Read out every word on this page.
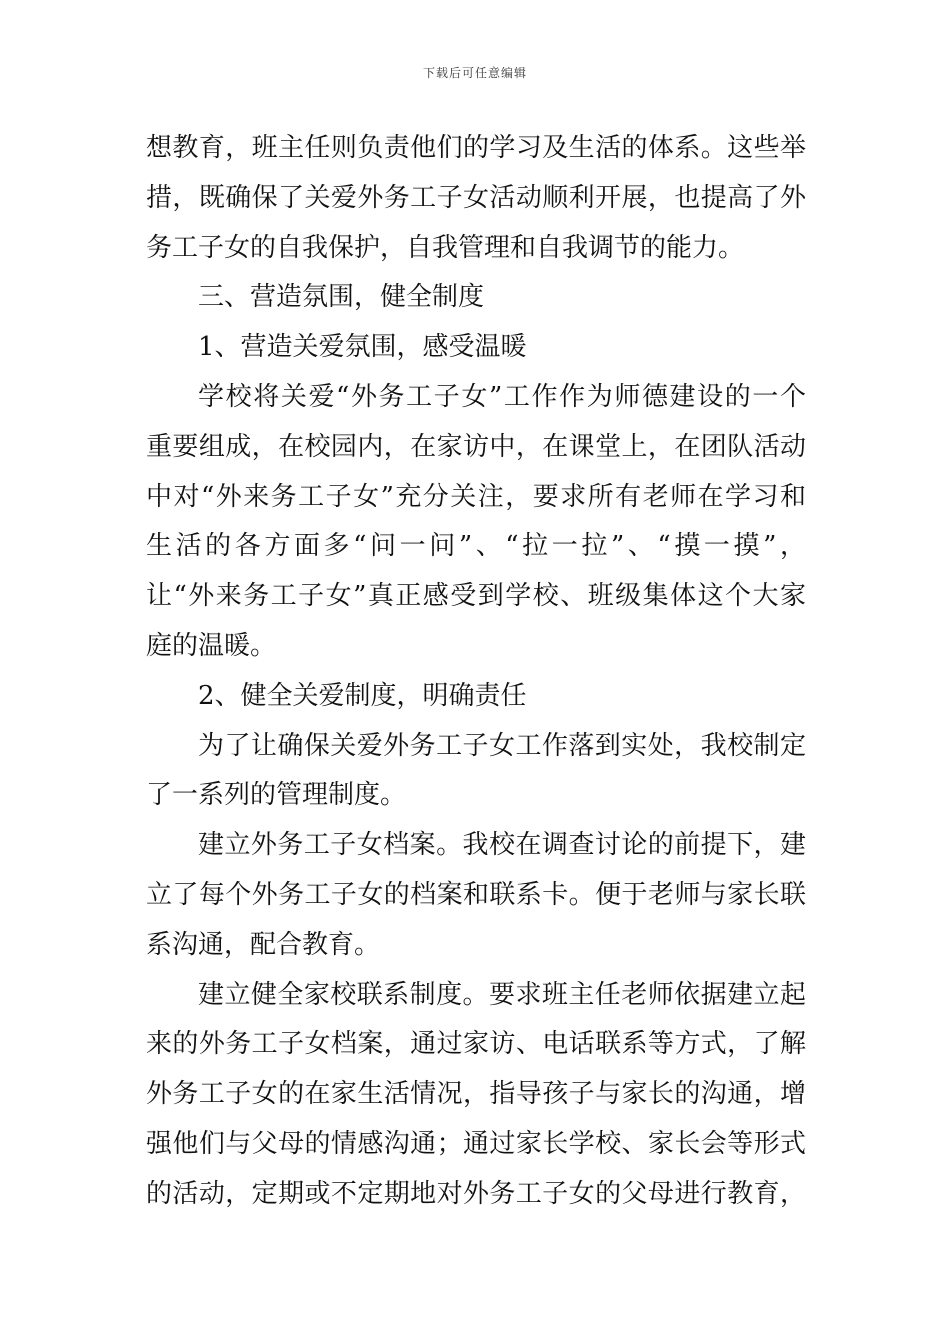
下载后可任意编辑
想教育，班主任则负责他们的学习及生活的体系。这些举
措，既确保了关爱外务工子女活动顺利开展，也提高了外
务工子女的自我保护，自我管理和自我调节的能力。
三、营造氛围，健全制度
1、营造关爱氛围，感受温暖
学校将关爱“外务工子女”工作作为师德建设的一个
重要组成，在校园内，在家访中，在课堂上，在团队活动
中对“外来务工子女”充分关注，要求所有老师在学习和
生活的各方面多“问一问”、“拉一拉”、“摸一摸”，
让“外来务工子女”真正感受到学校、班级集体这个大家
庭的温暖。
2、健全关爱制度，明确责任
为了让确保关爱外务工子女工作落到实处，我校制定
了一系列的管理制度。
建立外务工子女档案。我校在调查讨论的前提下，建
立了每个外务工子女的档案和联系卡。便于老师与家长联
系沟通，配合教育。
建立健全家校联系制度。要求班主任老师依据建立起
来的外务工子女档案，通过家访、电话联系等方式，了解
外务工子女的在家生活情况，指导孩子与家长的沟通，增
强他们与父母的情感沟通；通过家长学校、家长会等形式
的活动，定期或不定期地对外务工子女的父母进行教育，
